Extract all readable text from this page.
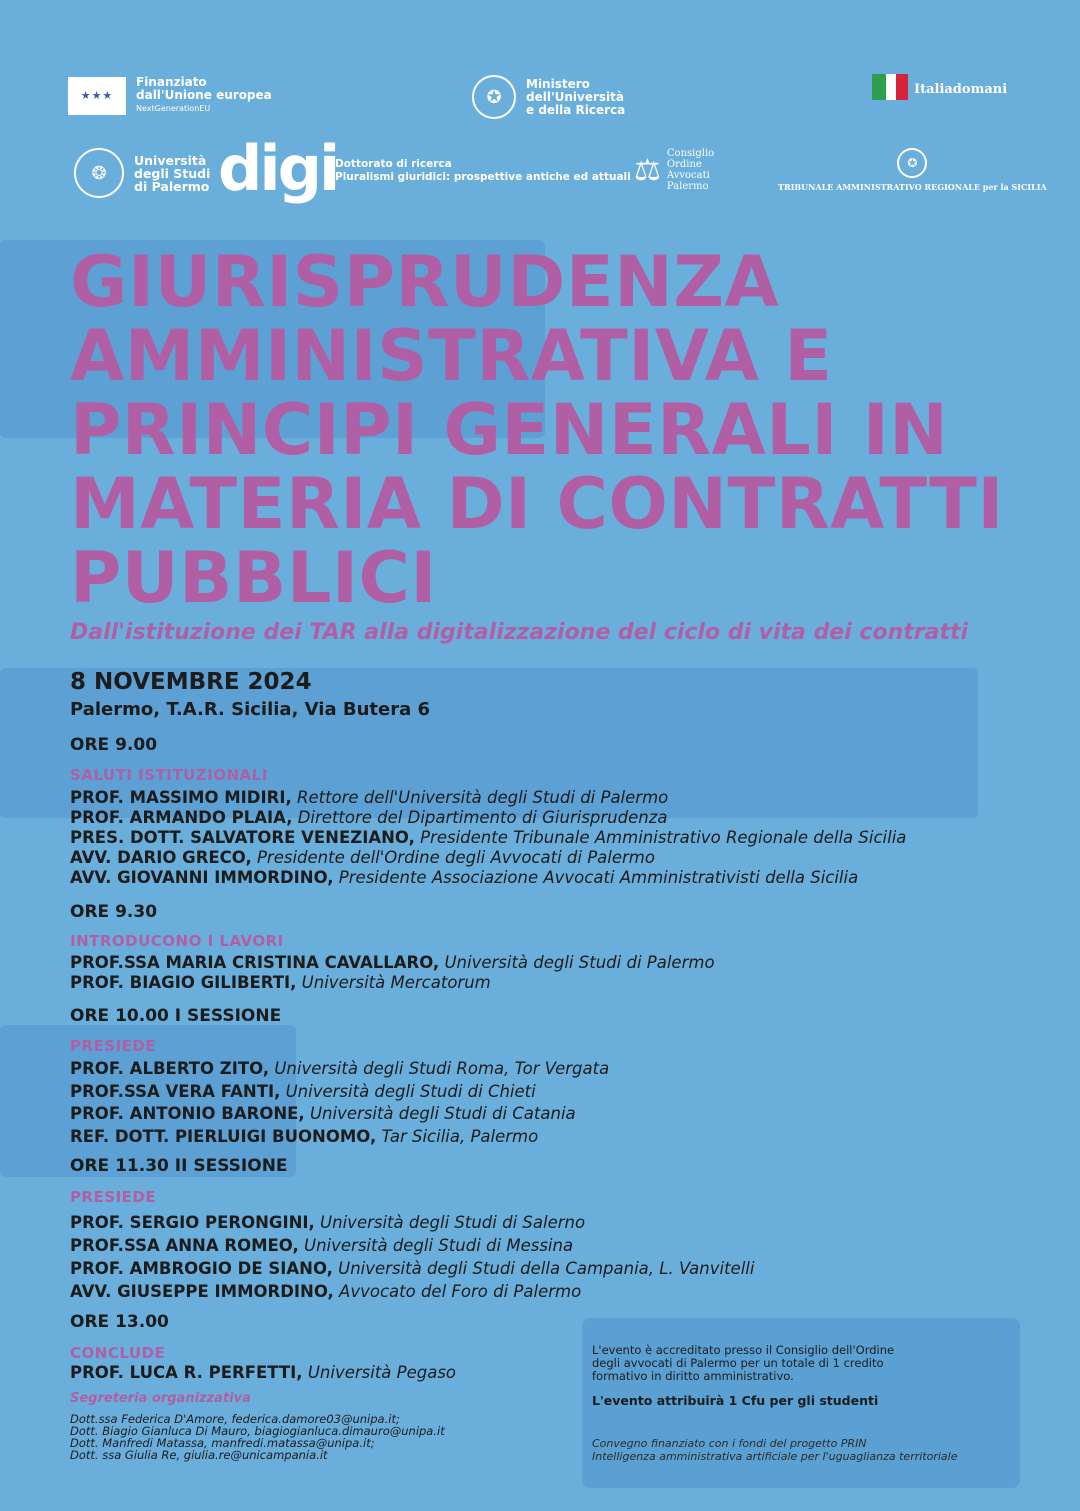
★★★
Finanziato
dall'Unione europea
NextGenerationEU
✪
Ministero
dell'Università
e della Ricerca
Italiadomani
❂
Università
degli Studi
di Palermo digi
Dottorato di ricerca
Pluralismi giuridici: prospettive antiche ed attuali ⚖ Consiglio
Ordine
Avvocati
Palermo
✪
TRIBUNALE AMMINISTRATIVO REGIONALE per la SICILIA
GIURISPRUDENZA AMMINISTRATIVA E PRINCIPI GENERALI IN MATERIA DI CONTRATTI PUBBLICI

Dall'istituzione dei TAR alla digitalizzazione del ciclo di vita dei contratti

8 NOVEMBRE 2024
Palermo, T.A.R. Sicilia, Via Butera 6
ORE 9.00
SALUTI ISTITUZIONALI
PROF. MASSIMO MIDIRI, Rettore dell'Università degli Studi di Palermo
PROF. ARMANDO PLAIA, Direttore del Dipartimento di Giurisprudenza
PRES. DOTT. SALVATORE VENEZIANO, Presidente Tribunale Amministrativo Regionale della Sicilia
AVV. DARIO GRECO, Presidente dell'Ordine degli Avvocati di Palermo
AVV. GIOVANNI IMMORDINO, Presidente Associazione Avvocati Amministrativisti della Sicilia
ORE 9.30
INTRODUCONO I LAVORI
PROF.SSA MARIA CRISTINA CAVALLARO, Università degli Studi di Palermo
PROF. BIAGIO GILIBERTI, Università Mercatorum
ORE 10.00 I SESSIONE
PRESIEDE
PROF. ALBERTO ZITO, Università degli Studi Roma, Tor Vergata
PROF.SSA VERA FANTI, Università degli Studi di Chieti
PROF. ANTONIO BARONE, Università degli Studi di Catania
REF. DOTT. PIERLUIGI BUONOMO, Tar Sicilia, Palermo
ORE 11.30 II SESSIONE
PRESIEDE
PROF. SERGIO PERONGINI, Università degli Studi di Salerno
PROF.SSA ANNA ROMEO, Università degli Studi di Messina
PROF. AMBROGIO DE SIANO, Università degli Studi della Campania, L. Vanvitelli
AVV. GIUSEPPE IMMORDINO, Avvocato del Foro di Palermo
ORE 13.00
CONCLUDE
PROF. LUCA R. PERFETTI, Università Pegaso
Segreteria organizzativa
Dott.ssa Federica D'Amore, federica.damore03@unipa.it;
Dott. Biagio Gianluca Di Mauro, biagiogianluca.dimauro@unipa.it
Dott. Manfredi Matassa, manfredi.matassa@unipa.it;
Dott. ssa Giulia Re, giulia.re@unicampania.it
L'evento è accreditato presso il Consiglio dell'Ordine
degli avvocati di Palermo per un totale di 1 credito
formativo in diritto amministrativo.
L'evento attribuirà 1 Cfu per gli studenti
Convegno finanziato con i fondi del progetto PRIN
Intelligenza amministrativa artificiale per l'uguaglianza territoriale
